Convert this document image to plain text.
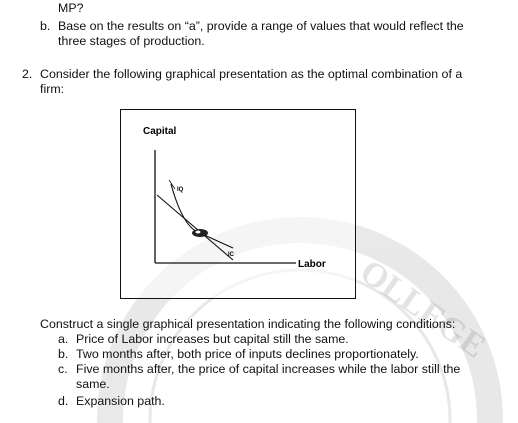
OLLEGE
MP?
b. Base on the results on “a”, provide a range of values that would reflect the
three stages of production.
2. Consider the following graphical presentation as the optimal combination of a
firm:
Capital
IQ
IC
Labor
Construct a single graphical presentation indicating the following conditions:
a. Price of Labor increases but capital still the same.
b. Two months after, both price of inputs declines proportionately.
c. Five months after, the price of capital increases while the labor still the
same.
d. Expansion path.
